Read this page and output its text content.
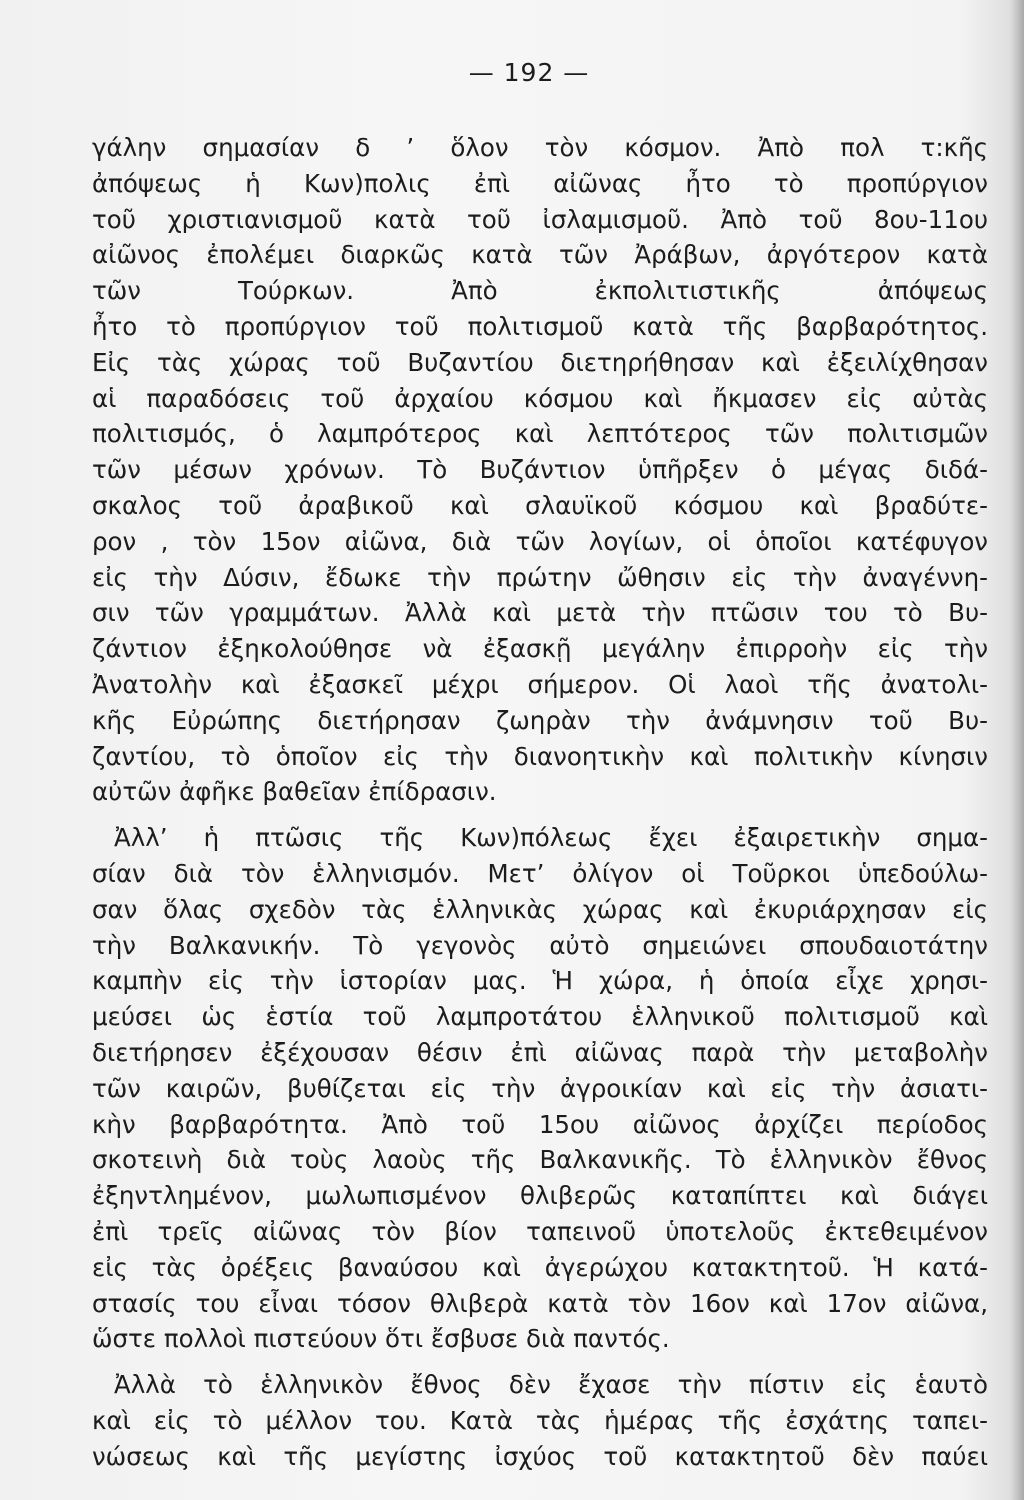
— 192 —
γάλην σημασίαν δ ’ ὅλον τὸν κόσμον. Ἀπὸ πολ τ:κῆς
ἀπόψεως ἡ Κων)πολις ἐπὶ αἰῶνας ἦτο τὸ προπύργιον
τοῦ χριστιανισμοῦ κατὰ τοῦ ἰσλαμισμοῦ. Ἀπὸ τοῦ 8ου-11ου
αἰῶνος ἐπολέμει διαρκῶς κατὰ τῶν Ἀράβων, ἀργότερον κατὰ
τῶν Τούρκων. Ἀπὸ ἐκπολιτιστικῆς ἀπόψεως
ἦτο τὸ προπύργιον τοῦ πολιτισμοῦ κατὰ τῆς βαρβαρότητος.
Εἰς τὰς χώρας τοῦ Βυζαντίου διετηρήθησαν καὶ ἐξειλίχθησαν
αἱ παραδόσεις τοῦ ἀρχαίου κόσμου καὶ ἤκμασεν εἰς αὐτὰς
πολιτισμός, ὁ λαμπρότερος καὶ λεπτότερος τῶν πολιτισμῶν
τῶν μέσων χρόνων. Τὸ Βυζάντιον ὑπῆρξεν ὁ μέγας διδά-
σκαλος τοῦ ἀραβικοῦ καὶ σλαυϊκοῦ κόσμου καὶ βραδύτε-
ρον , τὸν 15ον αἰῶνα, διὰ τῶν λογίων, οἱ ὁποῖοι κατέφυγον
εἰς τὴν Δύσιν, ἔδωκε τὴν πρώτην ὤθησιν εἰς τὴν ἀναγέννη-
σιν τῶν γραμμάτων. Ἀλλὰ καὶ μετὰ τὴν πτῶσιν του τὸ Βυ-
ζάντιον ἐξηκολούθησε νὰ ἐξασκῇ μεγάλην ἐπιρροὴν εἰς τὴν
Ἀνατολὴν καὶ ἐξασκεῖ μέχρι σήμερον. Οἱ λαοὶ τῆς ἀνατολι-
κῆς Εὐρώπης διετήρησαν ζωηρὰν τὴν ἀνάμνησιν τοῦ Βυ-
ζαντίου, τὸ ὁποῖον εἰς τὴν διανοητικὴν καὶ πολιτικὴν κίνησιν
αὐτῶν ἀφῆκε βαθεῖαν ἐπίδρασιν.
Ἀλλ’ ἡ πτῶσις τῆς Κων)πόλεως ἔχει ἐξαιρετικὴν σημα-
σίαν διὰ τὸν ἑλληνισμόν. Μετ’ ὀλίγον οἱ Τοῦρκοι ὑπεδούλω-
σαν ὅλας σχεδὸν τὰς ἑλληνικὰς χώρας καὶ ἐκυριάρχησαν εἰς
τὴν Βαλκανικήν. Τὸ γεγονὸς αὐτὸ σημειώνει σπουδαιοτάτην
καμπὴν εἰς τὴν ἱστορίαν μας. Ἡ χώρα, ἡ ὁποία εἶχε χρησι-
μεύσει ὡς ἑστία τοῦ λαμπροτάτου ἑλληνικοῦ πολιτισμοῦ καὶ
διετήρησεν ἐξέχουσαν θέσιν ἐπὶ αἰῶνας παρὰ τὴν μεταβολὴν
τῶν καιρῶν, βυθίζεται εἰς τὴν ἀγροικίαν καὶ εἰς τὴν ἀσιατι-
κὴν βαρβαρότητα. Ἀπὸ τοῦ 15ου αἰῶνος ἀρχίζει περίοδος
σκοτεινὴ διὰ τοὺς λαοὺς τῆς Βαλκανικῆς. Τὸ ἑλληνικὸν ἔθνος
ἐξηντλημένον, μωλωπισμένον θλιβερῶς καταπίπτει καὶ διάγει
ἐπὶ τρεῖς αἰῶνας τὸν βίον ταπεινοῦ ὑποτελοῦς ἐκτεθειμένον
εἰς τὰς ὀρέξεις βαναύσου καὶ ἀγερώχου κατακτητοῦ. Ἡ κατά-
στασίς του εἶναι τόσον θλιβερὰ κατὰ τὸν 16ον καὶ 17ον αἰῶνα,
ὥστε πολλοὶ πιστεύουν ὅτι ἔσβυσε διὰ παντός.
Ἀλλὰ τὸ ἑλληνικὸν ἔθνος δὲν ἔχασε τὴν πίστιν εἰς ἑαυτὸ
καὶ εἰς τὸ μέλλον του. Κατὰ τὰς ἡμέρας τῆς ἐσχάτης ταπει-
νώσεως καὶ τῆς μεγίστης ἰσχύος τοῦ κατακτητοῦ δὲν παύει
